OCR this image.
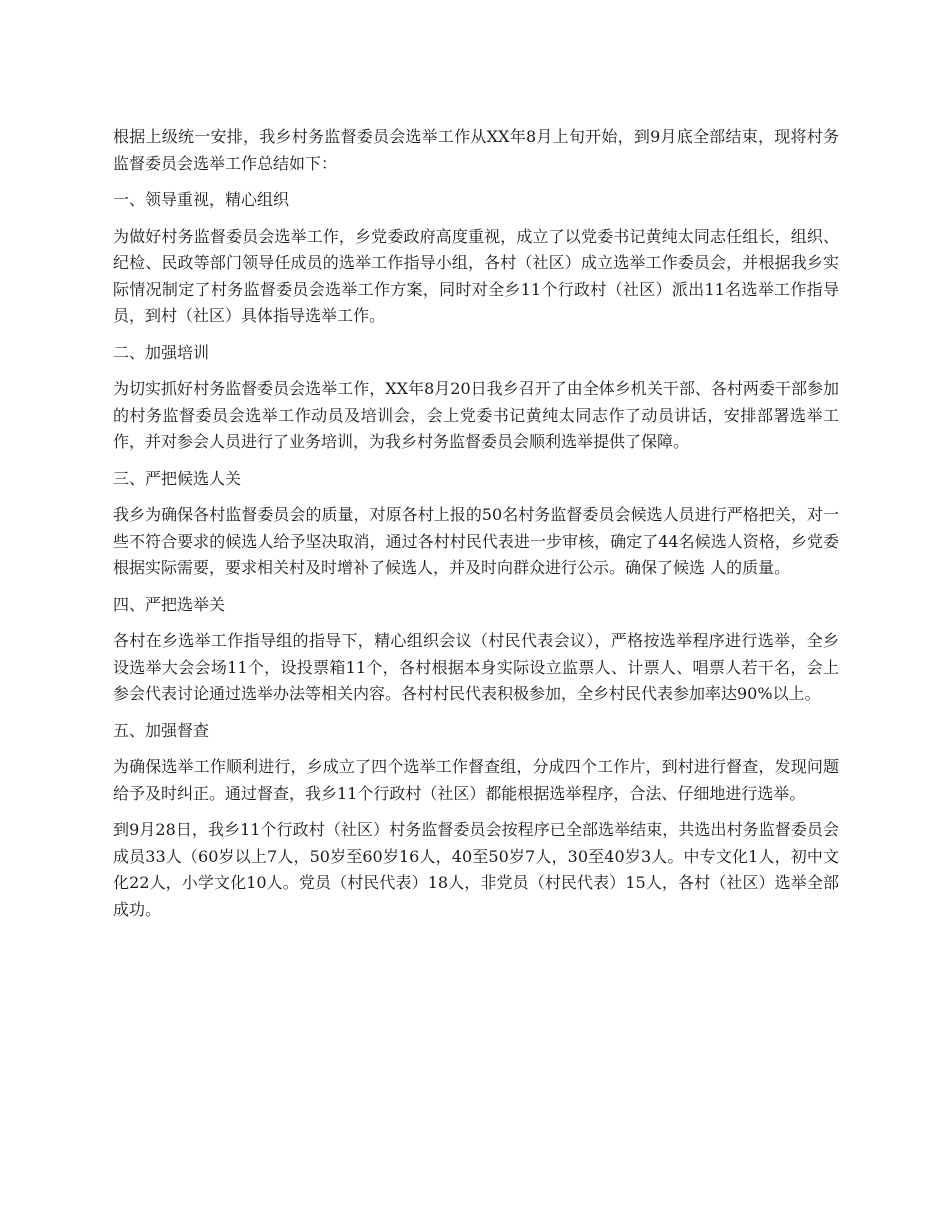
根据上级统一安排，我乡村务监督委员会选举工作从XX年8月上旬开始，到9月底全部结束，现将村务监督委员会选举工作总结如下：

一、领导重视，精心组织

为做好村务监督委员会选举工作，乡党委政府高度重视，成立了以党委书记黄纯太同志任组长，组织、纪检、民政等部门领导任成员的选举工作指导小组，各村（社区）成立选举工作委员会，并根据我乡实际情况制定了村务监督委员会选举工作方案，同时对全乡11个行政村（社区）派出11名选举工作指导员，到村（社区）具体指导选举工作。

二、加强培训

为切实抓好村务监督委员会选举工作，XX年8月20日我乡召开了由全体乡机关干部、各村两委干部参加的村务监督委员会选举工作动员及培训会，会上党委书记黄纯太同志作了动员讲话，安排部署选举工作，并对参会人员进行了业务培训，为我乡村务监督委员会顺利选举提供了保障。

三、严把候选人关

我乡为确保各村监督委员会的质量，对原各村上报的50名村务监督委员会候选人员进行严格把关，对一些不符合要求的候选人给予坚决取消，通过各村村民代表进一步审核，确定了44名候选人资格，乡党委根据实际需要，要求相关村及时增补了候选人，并及时向群众进行公示。确保了候选 人的质量。

四、严把选举关

各村在乡选举工作指导组的指导下，精心组织会议（村民代表会议），严格按选举程序进行选举，全乡设选举大会会场11个，设投票箱11个，各村根据本身实际设立监票人、计票人、唱票人若干名，会上参会代表讨论通过选举办法等相关内容。各村村民代表积极参加，全乡村民代表参加率达90%以上。

五、加强督查

为确保选举工作顺利进行，乡成立了四个选举工作督查组，分成四个工作片，到村进行督查，发现问题给予及时纠正。通过督查，我乡11个行政村（社区）都能根据选举程序，合法、仔细地进行选举。

到9月28日，我乡11个行政村（社区）村务监督委员会按程序已全部选举结束，共选出村务监督委员会成员33人（60岁以上7人，50岁至60岁16人，40至50岁7人，30至40岁3人。中专文化1人，初中文化22人，小学文化10人。党员（村民代表）18人，非党员（村民代表）15人，各村（社区）选举全部成功。
